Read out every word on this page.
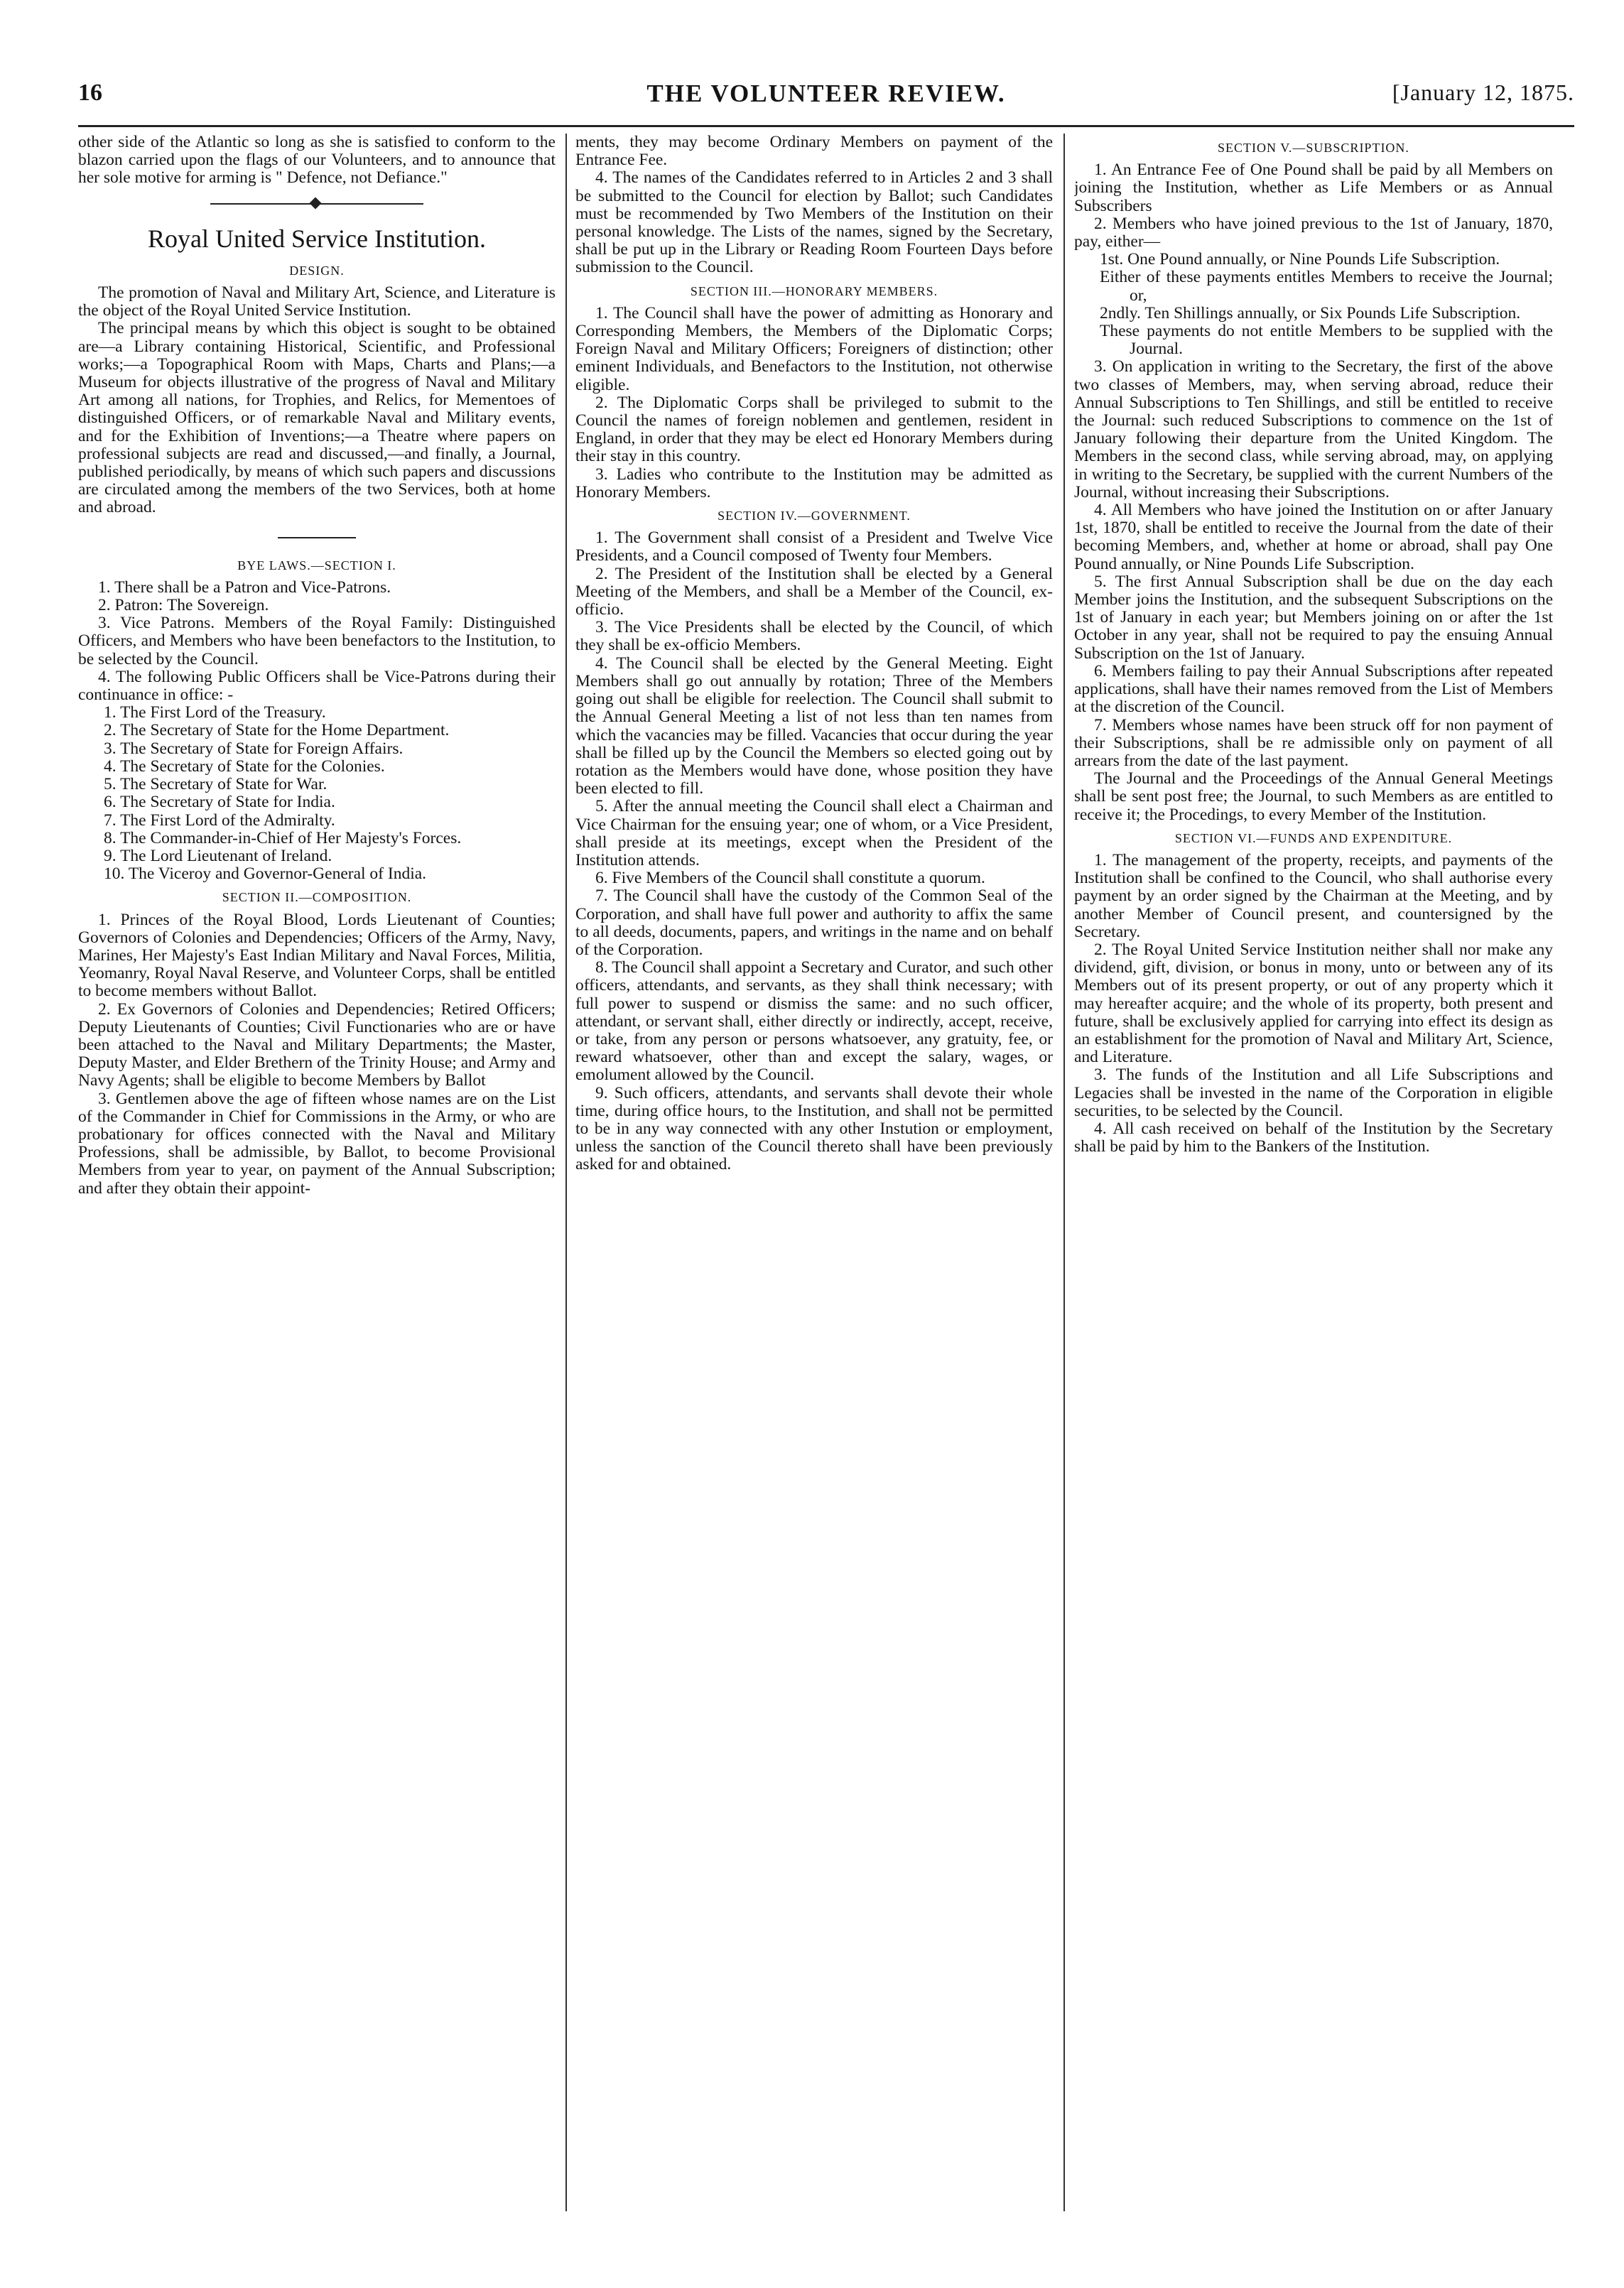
16	THE VOLUNTEER REVIEW.	[January 12, 1875.

other side of the Atlantic so long as she is satisfied to conform to the blazon carried upon the flags of our Volunteers, and to announce that her sole motive for arming is " Defence, not Defiance."

Royal United Service Institution.
DESIGN.

The promotion of Naval and Military Art, Science, and Literature is the object of the Royal United Service Institution.

The principal means by which this object is sought to be obtained are—a Library containing Historical, Scientific, and Professional works;—a Topographical Room with Maps, Charts and Plans;—a Museum for objects illustrative of the progress of Naval and Military Art among all nations, for Trophies, and Relics, for Mementoes of distinguished Officers, or of remarkable Naval and Military events, and for the Exhibition of Inventions;—a Theatre where papers on professional subjects are read and discussed,—and finally, a Journal, published periodically, by means of which such papers and discussions are circulated among the members of the two Services, both at home and abroad.

BYE LAWS.—SECTION I.

1. There shall be a Patron and Vice-Patrons.

2. Patron: The Sovereign.

3. Vice Patrons. Members of the Royal Family: Distinguished Officers, and Members who have been benefactors to the Institution, to be selected by the Council.

4. The following Public Officers shall be Vice-Patrons during their continuance in office: -

1. The First Lord of the Treasury.
2. The Secretary of State for the Home Department.
3. The Secretary of State for Foreign Affairs.
4. The Secretary of State for the Colonies.
5. The Secretary of State for War.
6. The Secretary of State for India.
7. The First Lord of the Admiralty.
8. The Commander-in-Chief of Her Majesty's Forces.
9. The Lord Lieutenant of Ireland.
10. The Viceroy and Governor-General of India.
SECTION II.—COMPOSITION.

1. Princes of the Royal Blood, Lords Lieutenant of Counties; Governors of Colonies and Dependencies; Officers of the Army, Navy, Marines, Her Majesty's East Indian Military and Naval Forces, Militia, Yeomanry, Royal Naval Reserve, and Volunteer Corps, shall be entitled to become members without Ballot.

2. Ex Governors of Colonies and Dependencies; Retired Officers; Deputy Lieutenants of Counties; Civil Functionaries who are or have been attached to the Naval and Military Departments; the Master, Deputy Master, and Elder Brethern of the Trinity House; and Army and Navy Agents; shall be eligible to become Members by Ballot

3. Gentlemen above the age of fifteen whose names are on the List of the Commander in Chief for Commissions in the Army, or who are probationary for offices connected with the Naval and Military Professions, shall be admissible, by Ballot, to become Provisional Members from year to year, on payment of the Annual Subscription; and after they obtain their appoint-

ments, they may become Ordinary Members on payment of the Entrance Fee.

4. The names of the Candidates referred to in Articles 2 and 3 shall be submitted to the Council for election by Ballot; such Candidates must be recommended by Two Members of the Institution on their personal knowledge. The Lists of the names, signed by the Secretary, shall be put up in the Library or Reading Room Fourteen Days before submission to the Council.

SECTION III.—HONORARY MEMBERS.

1. The Council shall have the power of admitting as Honorary and Corresponding Members, the Members of the Diplomatic Corps; Foreign Naval and Military Officers; Foreigners of distinction; other eminent Individuals, and Benefactors to the Institution, not otherwise eligible.

2. The Diplomatic Corps shall be privileged to submit to the Council the names of foreign noblemen and gentlemen, resident in England, in order that they may be elect ed Honorary Members during their stay in this country.

3. Ladies who contribute to the Institution may be admitted as Honorary Members.

SECTION IV.—GOVERNMENT.

1. The Government shall consist of a President and Twelve Vice Presidents, and a Council composed of Twenty four Members.

2. The President of the Institution shall be elected by a General Meeting of the Members, and shall be a Member of the Council, ex-officio.

3. The Vice Presidents shall be elected by the Council, of which they shall be ex-officio Members.

4. The Council shall be elected by the General Meeting. Eight Members shall go out annually by rotation; Three of the Members going out shall be eligible for reelection. The Council shall submit to the Annual General Meeting a list of not less than ten names from which the vacancies may be filled. Vacancies that occur during the year shall be filled up by the Council the Members so elected going out by rotation as the Members would have done, whose position they have been elected to fill.

5. After the annual meeting the Council shall elect a Chairman and Vice Chairman for the ensuing year; one of whom, or a Vice President, shall preside at its meetings, except when the President of the Institution attends.

6. Five Members of the Council shall constitute a quorum.

7. The Council shall have the custody of the Common Seal of the Corporation, and shall have full power and authority to affix the same to all deeds, documents, papers, and writings in the name and on behalf of the Corporation.

8. The Council shall appoint a Secretary and Curator, and such other officers, attendants, and servants, as they shall think necessary; with full power to suspend or dismiss the same: and no such officer, attendant, or servant shall, either directly or indirectly, accept, receive, or take, from any person or persons whatsoever, any gratuity, fee, or reward whatsoever, other than and except the salary, wages, or emolument allowed by the Council.

9. Such officers, attendants, and servants shall devote their whole time, during office hours, to the Institution, and shall not be permitted to be in any way connected with any other Instution or employment, unless the sanction of the Council thereto shall have been previously asked for and obtained.

SECTION V.—SUBSCRIPTION.

1. An Entrance Fee of One Pound shall be paid by all Members on joining the Institution, whether as Life Members or as Annual Subscribers

2. Members who have joined previous to the 1st of January, 1870, pay, either—

1st. One Pound annually, or Nine Pounds Life Subscription.
Either of these payments entitles Members to receive the Journal; or,
2ndly. Ten Shillings annually, or Six Pounds Life Subscription.
These payments do not entitle Members to be supplied with the Journal.

3. On application in writing to the Secretary, the first of the above two classes of Members, may, when serving abroad, reduce their Annual Subscriptions to Ten Shillings, and still be entitled to receive the Journal: such reduced Subscriptions to commence on the 1st of January following their departure from the United Kingdom. The Members in the second class, while serving abroad, may, on applying in writing to the Secretary, be supplied with the current Numbers of the Journal, without increasing their Subscriptions.

4. All Members who have joined the Institution on or after January 1st, 1870, shall be entitled to receive the Journal from the date of their becoming Members, and, whether at home or abroad, shall pay One Pound annually, or Nine Pounds Life Subscription.

5. The first Annual Subscription shall be due on the day each Member joins the Institution, and the subsequent Subscriptions on the 1st of January in each year; but Members joining on or after the 1st October in any year, shall not be required to pay the ensuing Annual Subscription on the 1st of January.

6. Members failing to pay their Annual Subscriptions after repeated applications, shall have their names removed from the List of Members at the discretion of the Council.

7. Members whose names have been struck off for non payment of their Subscriptions, shall be re admissible only on payment of all arrears from the date of the last payment.

The Journal and the Proceedings of the Annual General Meetings shall be sent post free; the Journal, to such Members as are entitled to receive it; the Procedings, to every Member of the Institution.

SECTION VI.—FUNDS AND EXPENDITURE.

1. The management of the property, receipts, and payments of the Institution shall be confined to the Council, who shall authorise every payment by an order signed by the Chairman at the Meeting, and by another Member of Council present, and countersigned by the Secretary.

2. The Royal United Service Institution neither shall nor make any dividend, gift, division, or bonus in mony, unto or between any of its Members out of its present property, or out of any property which it may hereafter acquire; and the whole of its property, both present and future, shall be exclusively applied for carrying into effect its design as an establishment for the promotion of Naval and Military Art, Science, and Literature.

3. The funds of the Institution and all Life Subscriptions and Legacies shall be invested in the name of the Corporation in eligible securities, to be selected by the Council.

4. All cash received on behalf of the Institution by the Secretary shall be paid by him to the Bankers of the Institution.
